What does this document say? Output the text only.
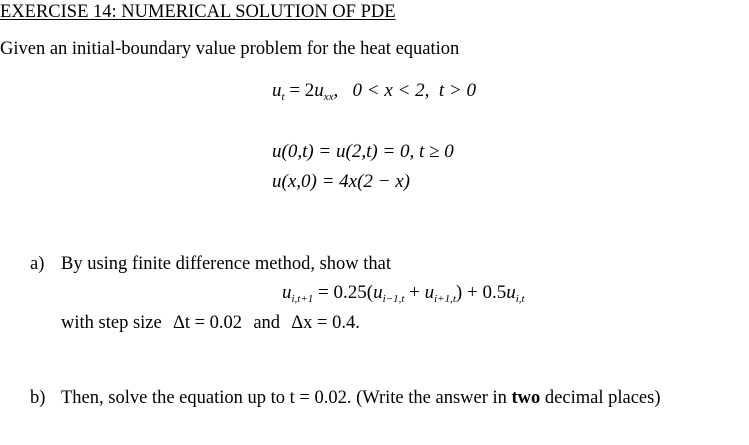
EXERCISE 14: NUMERICAL SOLUTION OF PDE
Given an initial-boundary value problem for the heat equation
$u_t = 2u_{xx}$,   0 < x < 2,  t > 0
u(0,t) = u(2,t) = 0, t ≥ 0
u(x,0) = 4x(2 − x)
a) By using finite difference method, show that
$u_{i,t+1} = 0.25(u_{i-1,t} + u_{i+1,t}) + 0.5u_{i,t}$
with step size Δt = 0.02 and Δx = 0.4.
b) Then, solve the equation up to t = 0.02. (Write the answer in two decimal places)
